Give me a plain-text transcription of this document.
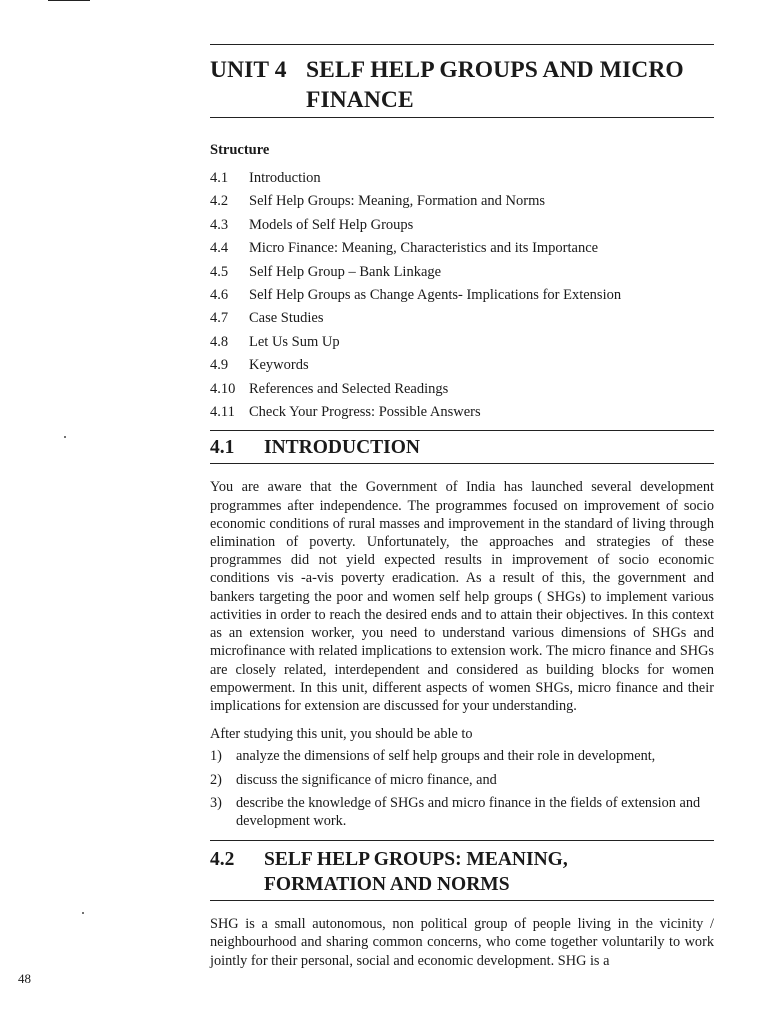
UNIT 4 SELF HELP GROUPS AND MICRO FINANCE
Structure
4.1	Introduction
4.2	Self Help Groups: Meaning, Formation and Norms
4.3	Models of Self Help Groups
4.4	Micro Finance: Meaning, Characteristics and its Importance
4.5	Self Help Group – Bank Linkage
4.6	Self Help Groups as Change Agents- Implications for Extension
4.7	Case Studies
4.8	Let Us Sum Up
4.9	Keywords
4.10 References and Selected Readings
4.11 Check Your Progress: Possible Answers
4.1	INTRODUCTION

You are aware that the Government of India has launched several development programmes after independence. The programmes focused on improvement of socio economic conditions of rural masses and improvement in the standard of living through elimination of poverty. Unfortunately, the approaches and strategies of these programmes did not yield expected results in improvement of socio economic conditions vis -a-vis poverty eradication. As a result of this, the government and bankers targeting the poor and women self help groups ( SHGs) to implement various activities in order to reach the desired ends and to attain their objectives. In this context as an extension worker, you need to understand various dimensions of SHGs and microfinance with related implications to extension work. The micro finance and SHGs are closely related, interdependent and considered as building blocks for women empowerment. In this unit, different aspects of women SHGs, micro finance and their implications for extension are discussed for your understanding.

After studying this unit, you should be able to

1) analyze the dimensions of self help groups and their role in development,
2) discuss the significance of micro finance, and
3) describe the knowledge of SHGs and micro finance in the fields of extension and development work.
4.2	SELF HELP GROUPS: MEANING, FORMATION AND NORMS

SHG is a small autonomous, non political group of people living in the vicinity / neighbourhood and sharing common concerns, who come together voluntarily to work jointly for their personal, social and economic development. SHG is a

48
